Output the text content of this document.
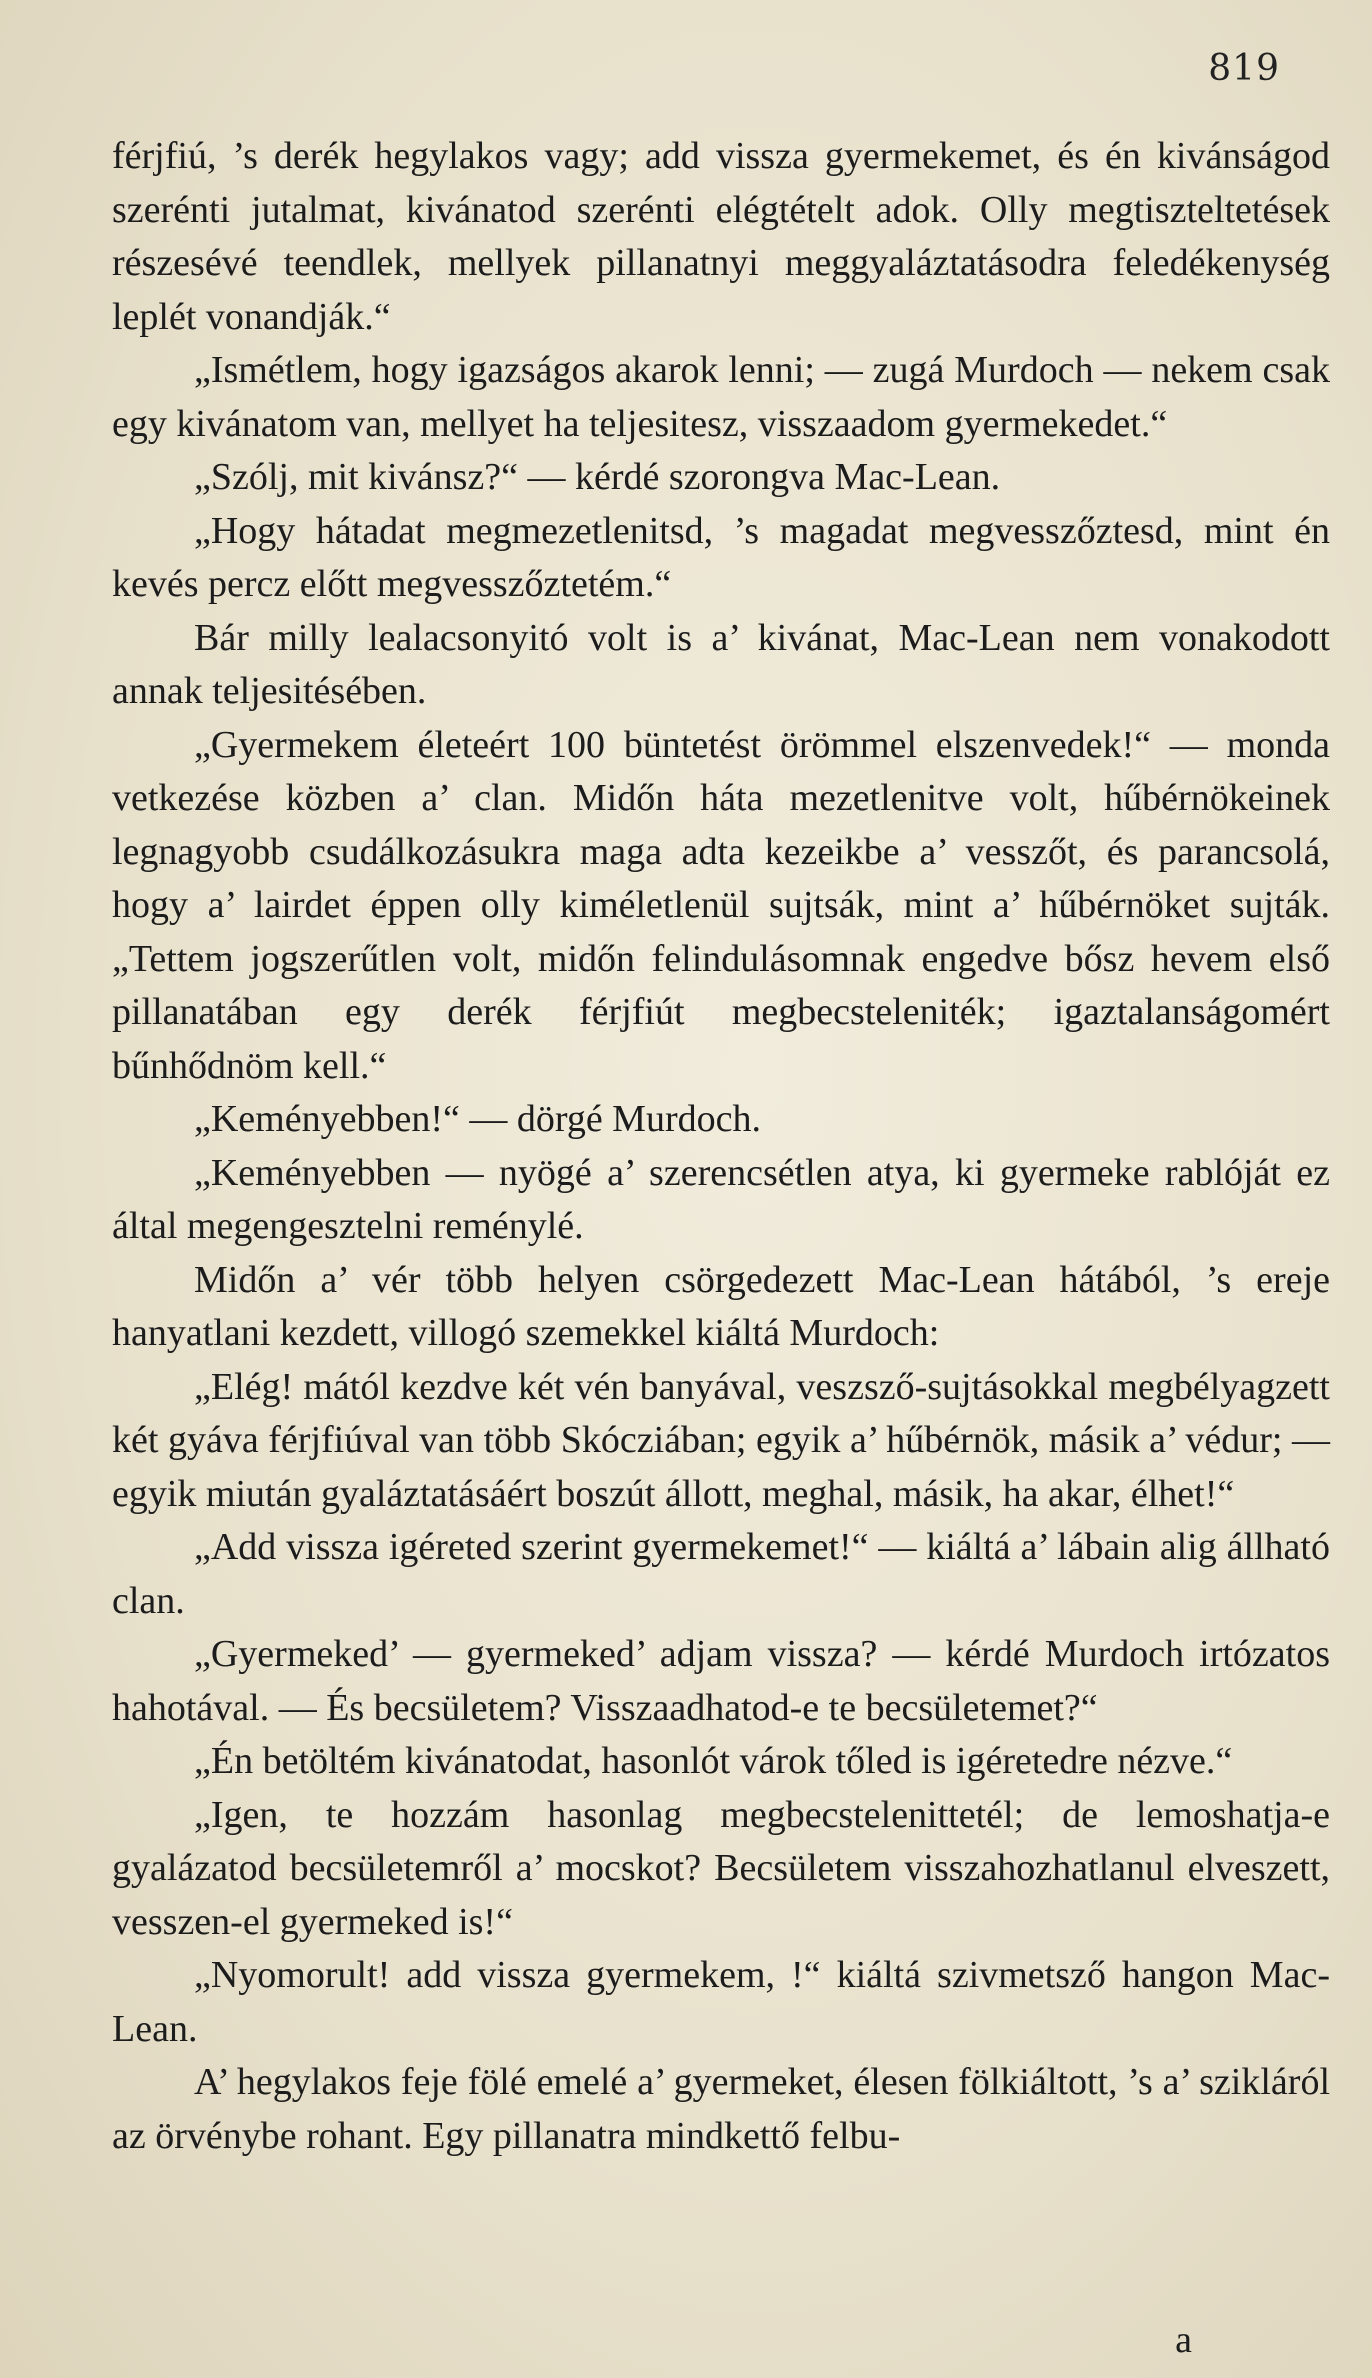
819

férjfiú, ’s derék hegylakos vagy; add vissza gyermekemet, és én kivánságod szerénti jutalmat, kivánatod szerénti elégtételt adok. Olly megtiszteltetések részesévé teendlek, mellyek pillanatnyi meggyaláztatásodra feledékenység leplét vonandják.“

„Ismétlem, hogy igazságos akarok lenni; — zugá Murdoch — nekem csak egy kivánatom van, mellyet ha teljesitesz, visszaadom gyermekedet.“

„Szólj, mit kivánsz?“ — kérdé szorongva Mac-Lean.

„Hogy hátadat megmezetlenitsd, ’s magadat megvesszőztesd, mint én kevés percz előtt megvesszőztetém.“

Bár milly lealacsonyitó volt is a’ kivánat, Mac-Lean nem vonakodott annak teljesitésében.

„Gyermekem életeért 100 büntetést örömmel elszenvedek!“ — monda vetkezése közben a’ clan. Midőn háta mezetlenitve volt, hűbérnökeinek legnagyobb csudálkozásukra maga adta kezeikbe a’ vesszőt, és parancsolá, hogy a’ lairdet éppen olly kiméletlenül sujtsák, mint a’ hűbérnöket sujták. „Tettem jogszerűtlen volt, midőn felindulásomnak engedve bősz hevem első pillanatában egy derék férjfiút megbecsteleniték; igaztalanságomért bűnhődnöm kell.“

„Keményebben!“ — dörgé Murdoch.

„Keményebben — nyögé a’ szerencsétlen atya, ki gyermeke rablóját ez által megengesztelni reménylé.

Midőn a’ vér több helyen csörgedezett Mac-Lean hátából, ’s ereje hanyatlani kezdett, villogó szemekkel kiáltá Murdoch:

„Elég! mától kezdve két vén banyával, veszsző-sujtásokkal megbélyagzett két gyáva férjfiúval van több Skócziában; egyik a’ hűbérnök, másik a’ védur; — egyik miután gyaláztatásáért boszút állott, meghal, másik, ha akar, élhet!“

„Add vissza igéreted szerint gyermekemet!“ — kiáltá a’ lábain alig állható clan.

„Gyermeked’ — gyermeked’ adjam vissza? — kérdé Murdoch irtózatos hahotával. — És becsületem? Visszaadhatod-e te becsületemet?“

„Én betöltém kivánatodat, hasonlót várok tőled is igéretedre nézve.“

„Igen, te hozzám hasonlag megbecstelenittetél; de lemoshatja-e gyalázatod becsületemről a’ mocskot? Becsületem visszahozhatlanul elveszett, vesszen-el gyermeked is!“

„Nyomorult! add vissza gyermekem, !“ kiáltá szivmetsző hangon Mac-Lean.

A’ hegylakos feje fölé emelé a’ gyermeket, élesen fölkiáltott, ’s a’ szikláról az örvénybe rohant. Egy pillanatra mindkettő felbu-

a
